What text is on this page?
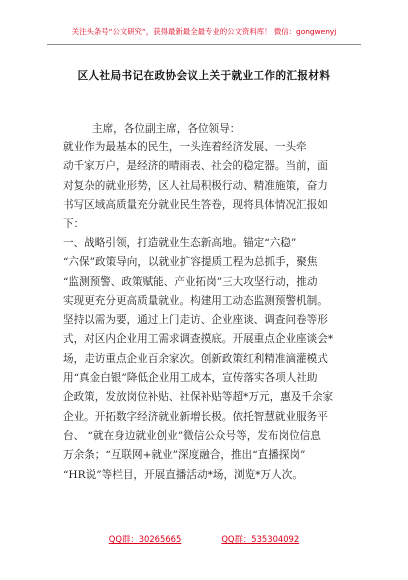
关注头条号“公文研究”，获得最新最全最专业的公文资料库！ 微信：gongwenyj
区人社局书记在政协会议上关于就业工作的汇报材料
主席，各位副主席，各位领导：
就业作为最基本的民生，一头连着经济发展、一头牵
动千家万户，是经济的晴雨表、社会的稳定器。当前，面
对复杂的就业形势，区人社局积极行动、精准施策，奋力
书写区域高质量充分就业民生答卷，现将具体情况汇报如
下：
一、战略引领，打造就业生态新高地。锚定“六稳”
“六保”政策导向，以就业扩容提质工程为总抓手，聚焦
“监测预警、政策赋能、产业拓岗”三大攻坚行动，推动
实现更充分更高质量就业。构建用工动态监测预警机制。
坚持以需为要，通过上门走访、企业座谈、调查问卷等形
式，对区内企业用工需求调查摸底。开展重点企业座谈会*
场，走访重点企业百余家次。创新政策红利精准滴灌模式
用“真金白银”降低企业用工成本，宣传落实各项人社助
企政策，发放岗位补贴、社保补贴等超*万元，惠及千余家
企业。开拓数字经济就业新增长极。依托智慧就业服务平
台、 “就在身边就业创业”微信公众号等，发布岗位信息
万余条；“互联网+就业”深度融合，推出“直播探岗”
“HR说”等栏目，开展直播活动*场，浏览*万人次。
QQ群：30265665	QQ群：535304092
